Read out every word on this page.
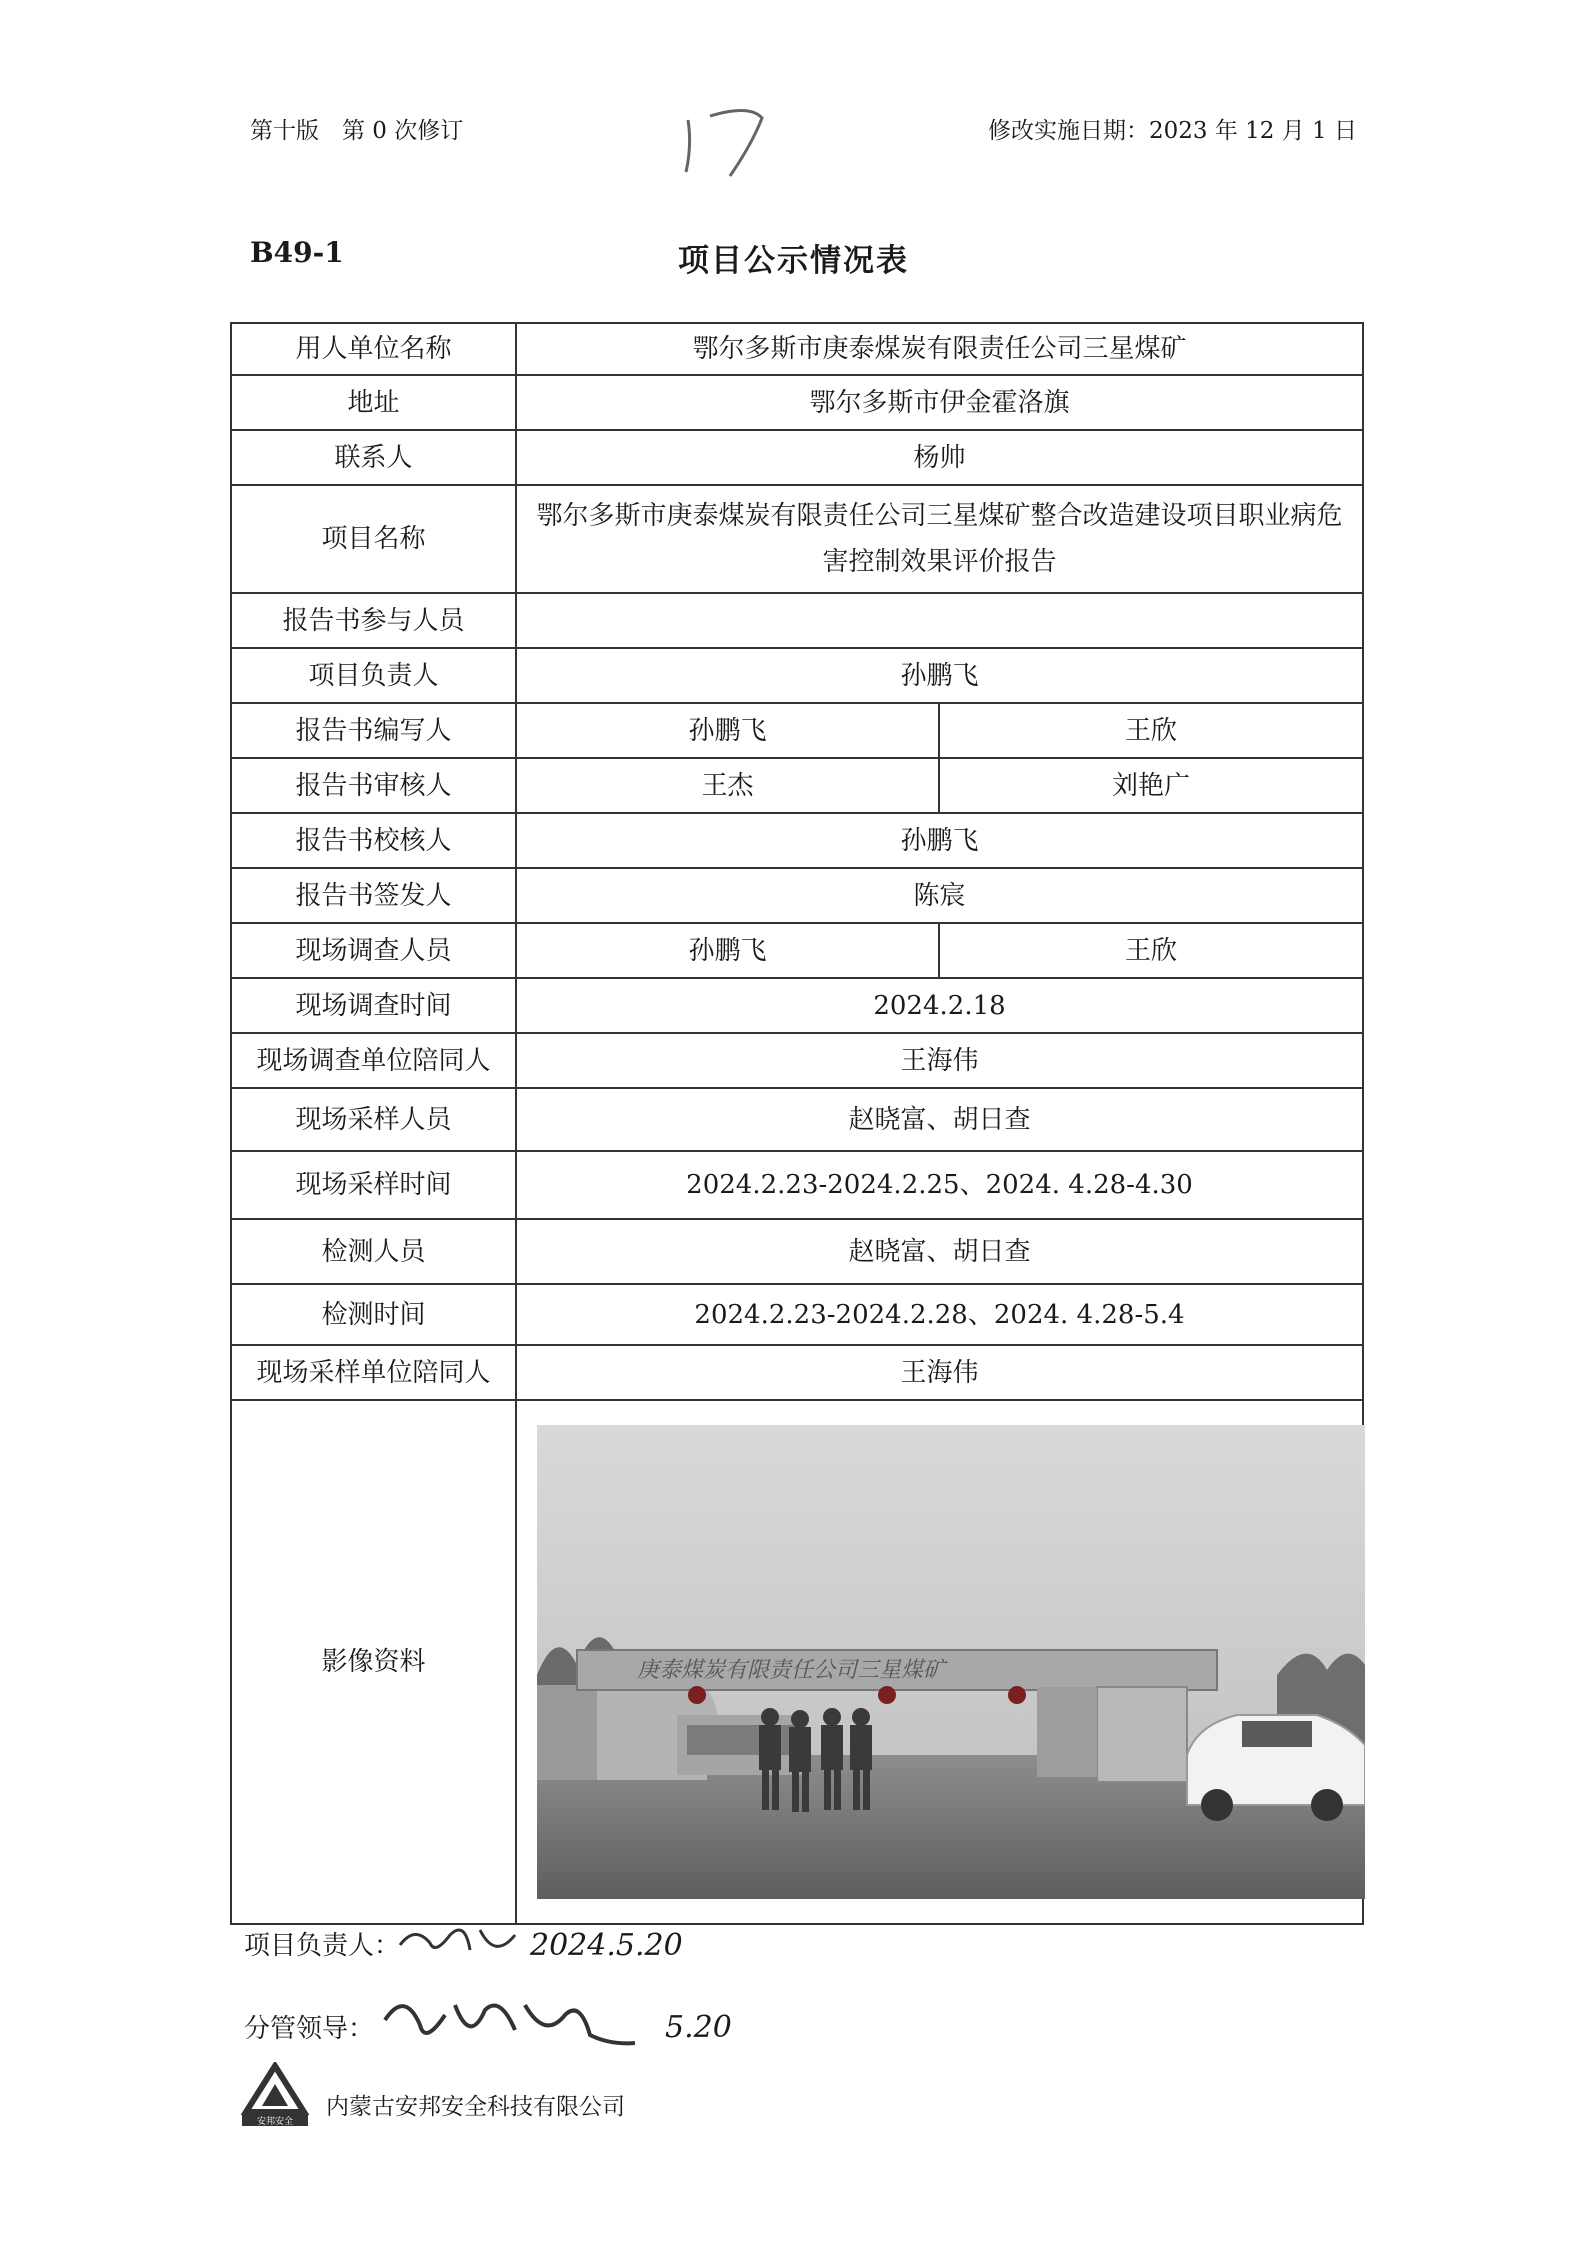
第十版　第 0 次修订	修改实施日期：2023 年 12 月 1 日
B49-1	项目公示情况表
用人单位名称	鄂尔多斯市庚泰煤炭有限责任公司三星煤矿	
地址	鄂尔多斯市伊金霍洛旗	
联系人	杨帅	
项目名称	鄂尔多斯市庚泰煤炭有限责任公司三星煤矿整合改造建设项目职业病危害控制效果评价报告	
报告书参与人员		
项目负责人	孙鹏飞	
报告书编写人	孙鹏飞	王欣
报告书审核人	王杰	刘艳广
报告书校核人	孙鹏飞	
报告书签发人	陈宸	
现场调查人员	孙鹏飞	王欣
现场调查时间	2024.2.18	
现场调查单位陪同人	王海伟	
现场采样人员	赵晓富、胡日查	
现场采样时间	2024.2.23-2024.2.25、2024. 4.28-4.30	
检测人员	赵晓富、胡日查	
检测时间	2024.2.23-2024.2.28、2024. 4.28-5.4	
现场采样单位陪同人	王海伟	
影像资料	庚泰煤炭有限责任公司三星煤矿	
项目负责人：	2024.5.20
分管领导：	5.20
安邦安全
内蒙古安邦安全科技有限公司
